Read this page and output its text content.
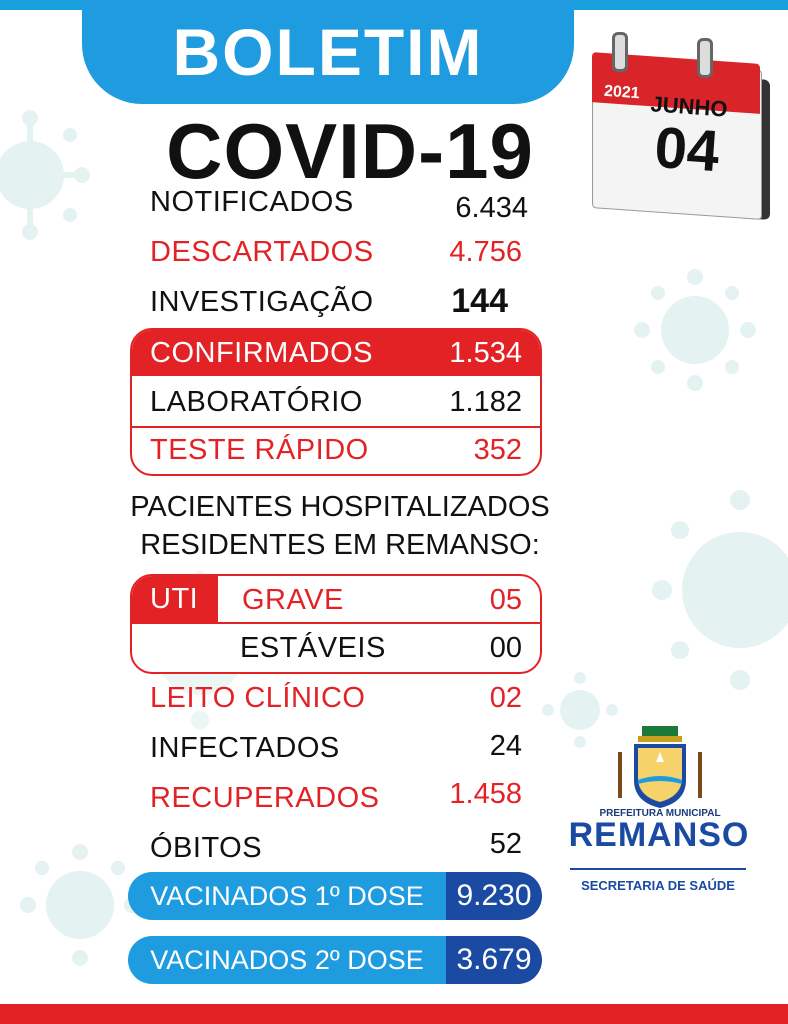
BOLETIM
COVID-19
2021 JUNHO
04
NOTIFICADOS	6.434
DESCARTADOS	4.756
INVESTIGAÇÃO	144
CONFIRMADOS	1.534
LABORATÓRIO	1.182
TESTE RÁPIDO	352
PACIENTES HOSPITALIZADOS
RESIDENTES EM REMANSO:
UTI GRAVE	05
ESTÁVEIS	00
LEITO CLÍNICO	02
INFECTADOS	24
RECUPERADOS	1.458
ÓBITOS	52
VACINADOS 1º DOSE	9.230
VACINADOS 2º DOSE	3.679
PREFEITURA MUNICIPAL
REMANSO
SECRETARIA DE SAÚDE
